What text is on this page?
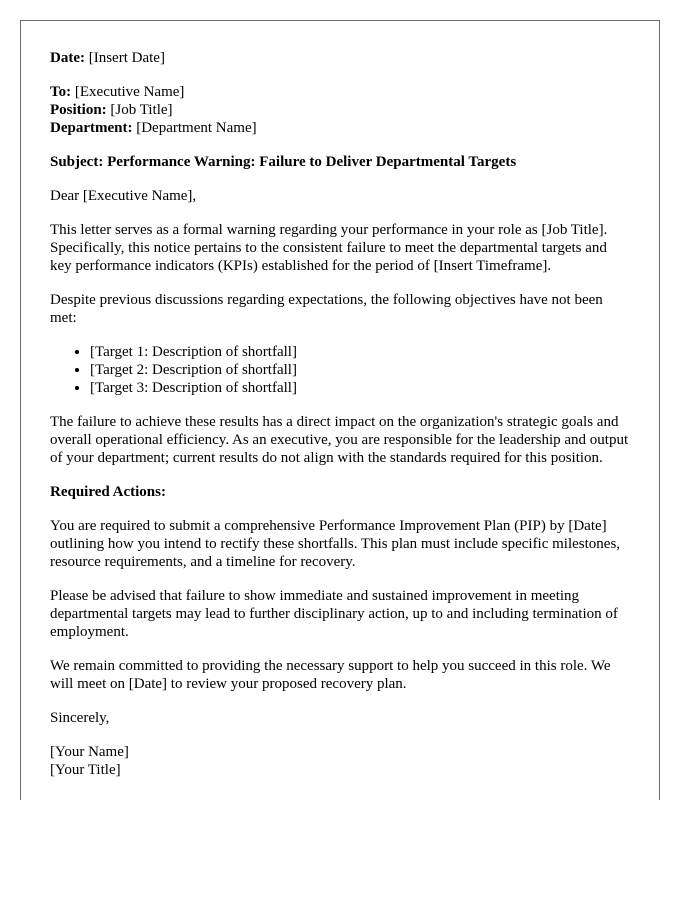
Date: [Insert Date]

To: [Executive Name]
Position: [Job Title]
Department: [Department Name]

Subject: Performance Warning: Failure to Deliver Departmental Targets

Dear [Executive Name],

This letter serves as a formal warning regarding your performance in your role as [Job Title]. Specifically, this notice pertains to the consistent failure to meet the departmental targets and key performance indicators (KPIs) established for the period of [Insert Timeframe].

Despite previous discussions regarding expectations, the following objectives have not been met:

• [Target 1: Description of shortfall]
• [Target 2: Description of shortfall]
• [Target 3: Description of shortfall]

The failure to achieve these results has a direct impact on the organization's strategic goals and overall operational efficiency. As an executive, you are responsible for the leadership and output of your department; current results do not align with the standards required for this position.

Required Actions:

You are required to submit a comprehensive Performance Improvement Plan (PIP) by [Date] outlining how you intend to rectify these shortfalls. This plan must include specific milestones, resource requirements, and a timeline for recovery.

Please be advised that failure to show immediate and sustained improvement in meeting departmental targets may lead to further disciplinary action, up to and including termination of employment.

We remain committed to providing the necessary support to help you succeed in this role. We will meet on [Date] to review your proposed recovery plan.

Sincerely,

[Your Name]
[Your Title]
